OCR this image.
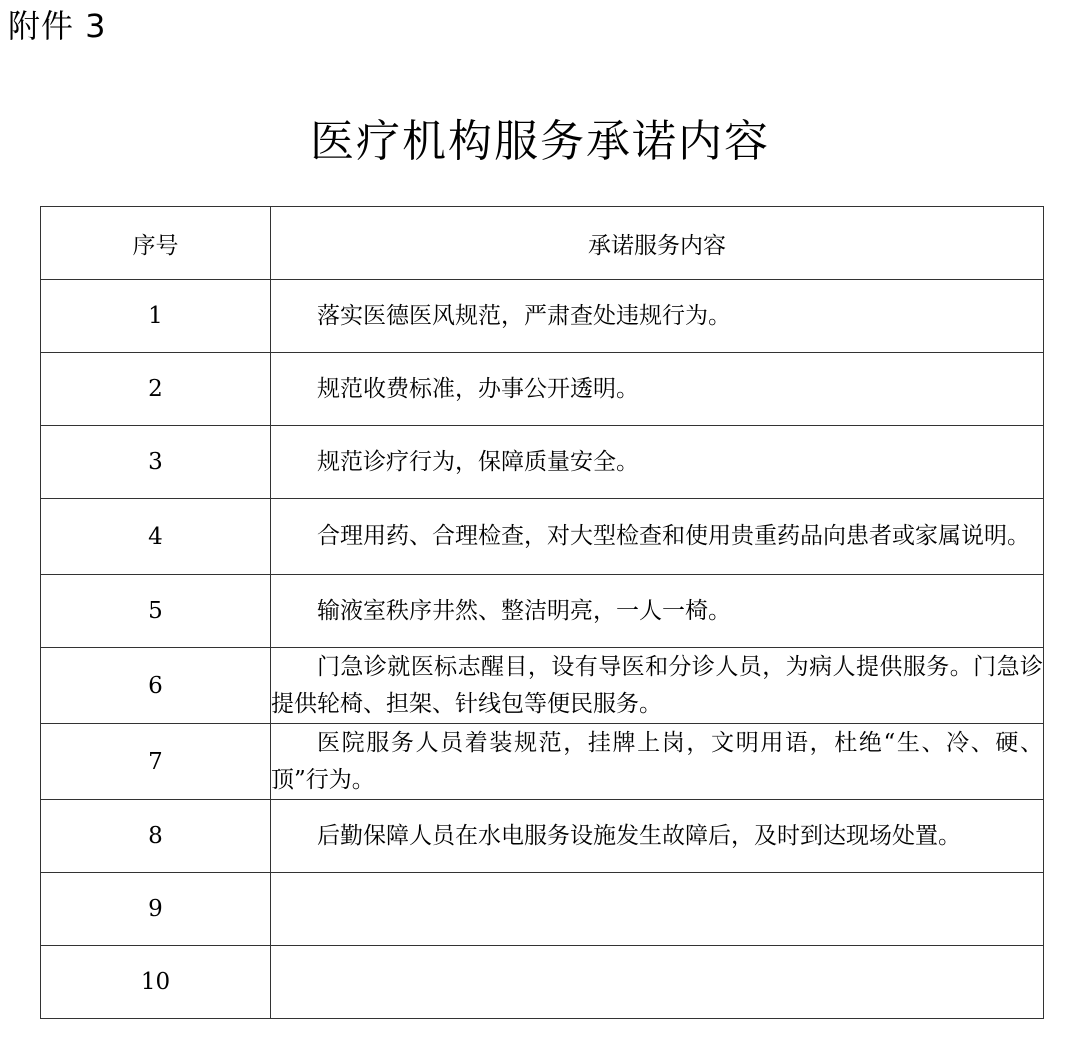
附件 3
医疗机构服务承诺内容
序号	承诺服务内容
1	落实医德医风规范，严肃查处违规行为。

2	规范收费标准，办事公开透明。

3	规范诊疗行为，保障质量安全。

4	合理用药、合理检查，对大型检查和使用贵重药品向患者或家属说明。

5	输液室秩序井然、整洁明亮，一人一椅。

6	门急诊就医标志醒目，设有导医和分诊人员，为病人提供服务。门急诊提供轮椅、担架、针线包等便民服务。

7	医院服务人员着装规范，挂牌上岗，文明用语，杜绝“生、冷、硬、顶”行为。

8	后勤保障人员在水电服务设施发生故障后，及时到达现场处置。

9	

10	
